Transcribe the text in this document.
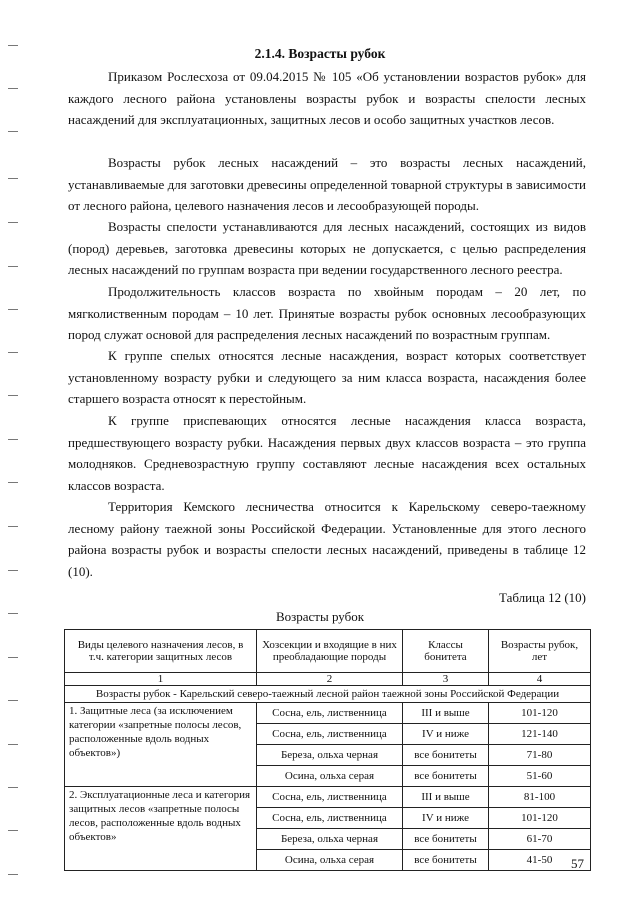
2.1.4. Возрасты рубок

Приказом Рослесхоза от 09.04.2015 № 105 «Об установлении возрастов рубок» для каждого лесного района установлены возрасты рубок и возрасты спелости лесных насаждений для эксплуатационных, защитных лесов и особо защитных участков лесов.

Возрасты рубок лесных насаждений – это возрасты лесных насаждений, устанавливаемые для заготовки древесины определенной товарной структуры в зависимости от лесного района, целевого назначения лесов и лесообразующей породы.

Возрасты спелости устанавливаются для лесных насаждений, состоящих из видов (пород) деревьев, заготовка древесины которых не допускается, с целью распределения лесных насаждений по группам возраста при ведении государственного лесного реестра.

Продолжительность классов возраста по хвойным породам – 20 лет, по мягколиственным породам – 10 лет. Принятые возрасты рубок основных лесообразующих пород служат основой для распределения лесных насаждений по возрастным группам.

К группе спелых относятся лесные насаждения, возраст которых соответствует установленному возрасту рубки и следующего за ним класса возраста, насаждения более старшего возраста относят к перестойным.

К группе приспевающих относятся лесные насаждения класса возраста, предшествующего возрасту рубки. Насаждения первых двух классов возраста – это группа молодняков. Средневозрастную группу составляют лесные насаждения всех остальных классов возраста.

Территория Кемского лесничества относится к Карельскому северо-таежному лесному району таежной зоны Российской Федерации. Установленные для этого лесного района возрасты рубок и возрасты спелости лесных насаждений, приведены в таблице 12 (10).

Таблица 12 (10)
Возрасты рубок
Виды целевого назначения лесов, в т.ч. категории защитных лесов	Хозсекции и входящие в них преобладающие породы	Классы бонитета	Возрасты рубок, лет
1	2	3	4
Возрасты рубок - Карельский северо-таежный лесной район таежной зоны Российской Федерации			
1. Защитные леса (за исключением категории «запретные полосы лесов, расположенные вдоль водных объектов»)	Сосна, ель, лиственница	III и выше	101-120
	Сосна, ель, лиственница	IV и ниже	121-140
	Береза, ольха черная	все бонитеты	71-80
	Осина, ольха серая	все бонитеты	51-60
2. Эксплуатационные леса и категория защитных лесов «запретные полосы лесов, расположенные вдоль водных объектов»	Сосна, ель, лиственница	III и выше	81-100
	Сосна, ель, лиственница	IV и ниже	101-120
	Береза, ольха черная	все бонитеты	61-70
	Осина, ольха серая	все бонитеты	41-50 57
